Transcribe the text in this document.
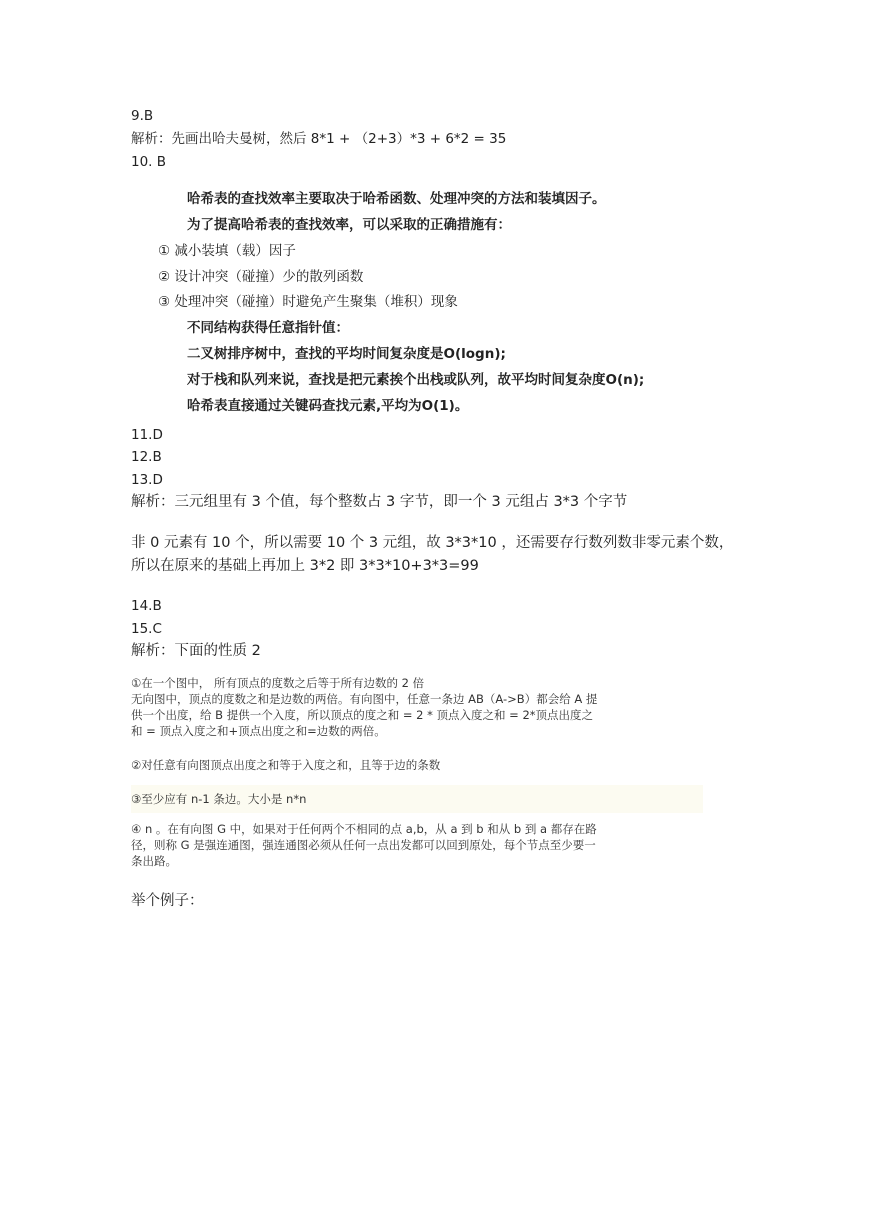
9.B
解析：先画出哈夫曼树，然后 8*1 + （2+3）*3 + 6*2 = 35
10. B
哈希表的查找效率主要取决于哈希函数、处理冲突的方法和装填因子。
为了提高哈希表的查找效率，可以采取的正确措施有：
① 减小装填（载）因子
② 设计冲突（碰撞）少的散列函数
③ 处理冲突（碰撞）时避免产生聚集（堆积）现象
不同结构获得任意指针值：
二叉树排序树中，查找的平均时间复杂度是O(logn);
对于栈和队列来说，查找是把元素挨个出栈或队列，故平均时间复杂度O(n);
哈希表直接通过关键码查找元素,平均为O(1)。
11.D
12.B
13.D
解析：三元组里有 3 个值，每个整数占 3 字节，即一个 3 元组占 3*3 个字节
非 0 元素有 10 个，所以需要 10 个 3 元组，故 3*3*10 ，还需要存行数列数非零元素个数，
所以在原来的基础上再加上 3*2 即 3*3*10+3*3=99
14.B
15.C
解析：下面的性质 2

①在一个图中， 所有顶点的度数之后等于所有边数的 2 倍

无向图中，顶点的度数之和是边数的两倍。有向图中，任意一条边 AB（A->B）都会给 A 提

供一个出度，给 B 提供一个入度，所以顶点的度之和 = 2 * 顶点入度之和 = 2*顶点出度之

和 = 顶点入度之和+顶点出度之和=边数的两倍。

②对任意有向图顶点出度之和等于入度之和，且等于边的条数

③至少应有 n-1 条边。大小是 n*n

④ n 。在有向图 G 中，如果对于任何两个不相同的点 a,b，从 a 到 b 和从 b 到 a 都存在路

径，则称 G 是强连通图，强连通图必须从任何一点出发都可以回到原处，每个节点至少要一

条出路。

举个例子：
